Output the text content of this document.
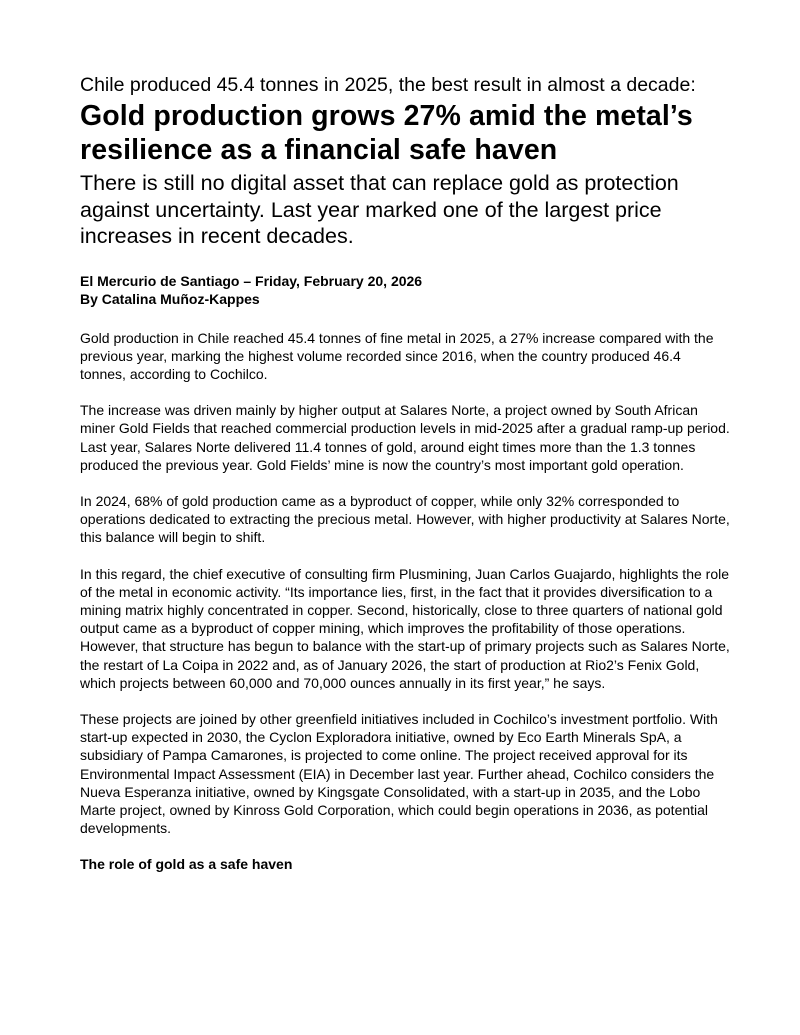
Chile produced 45.4 tonnes in 2025, the best result in almost a decade:

Gold production grows 27% amid the metal’s resilience as a financial safe haven

There is still no digital asset that can replace gold as protection against uncertainty. Last year marked one of the largest price increases in recent decades.

El Mercurio de Santiago – Friday, February 20, 2026
By Catalina Muñoz-Kappes

Gold production in Chile reached 45.4 tonnes of fine metal in 2025, a 27% increase compared with the previous year, marking the highest volume recorded since 2016, when the country produced 46.4 tonnes, according to Cochilco.

The increase was driven mainly by higher output at Salares Norte, a project owned by South African miner Gold Fields that reached commercial production levels in mid-2025 after a gradual ramp-up period. Last year, Salares Norte delivered 11.4 tonnes of gold, around eight times more than the 1.3 tonnes produced the previous year. Gold Fields’ mine is now the country’s most important gold operation.

In 2024, 68% of gold production came as a byproduct of copper, while only 32% corresponded to operations dedicated to extracting the precious metal. However, with higher productivity at Salares Norte, this balance will begin to shift.

In this regard, the chief executive of consulting firm Plusmining, Juan Carlos Guajardo, highlights the role of the metal in economic activity. “Its importance lies, first, in the fact that it provides diversification to a mining matrix highly concentrated in copper. Second, historically, close to three quarters of national gold output came as a byproduct of copper mining, which improves the profitability of those operations. However, that structure has begun to balance with the start-up of primary projects such as Salares Norte, the restart of La Coipa in 2022 and, as of January 2026, the start of production at Rio2’s Fenix Gold, which projects between 60,000 and 70,000 ounces annually in its first year,” he says.

These projects are joined by other greenfield initiatives included in Cochilco’s investment portfolio. With start-up expected in 2030, the Cyclon Exploradora initiative, owned by Eco Earth Minerals SpA, a subsidiary of Pampa Camarones, is projected to come online. The project received approval for its Environmental Impact Assessment (EIA) in December last year. Further ahead, Cochilco considers the Nueva Esperanza initiative, owned by Kingsgate Consolidated, with a start-up in 2035, and the Lobo Marte project, owned by Kinross Gold Corporation, which could begin operations in 2036, as potential developments.

The role of gold as a safe haven
